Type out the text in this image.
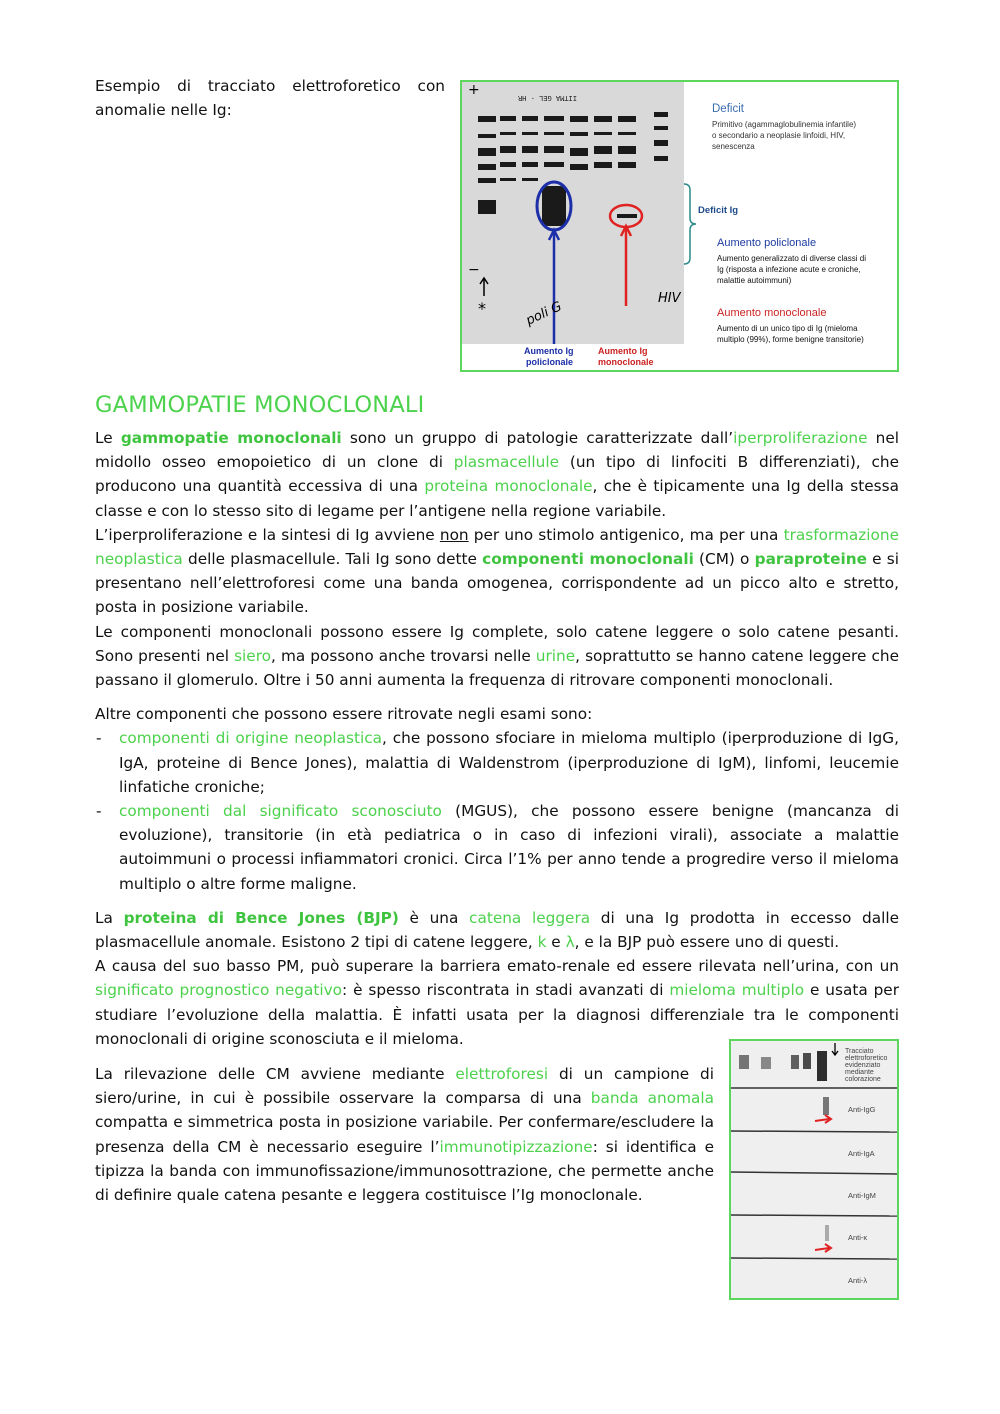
Esempio di tracciato elettroforetico con anomalie nelle Ig:
+	IITMA GEL - HR
−
*	poli G
HIV
Deficit
Primitivo (agammaglobulinemia infantile)
o secondario a neoplasie linfoidi, HIV,
senescenza
Deficit Ig
Aumento policlonale
Aumento generalizzato di diverse classi di
Ig (risposta a infezione acute e croniche,
malattie autoimmuni)
Aumento monoclonale
Aumento di un unico tipo di Ig (mieloma
multiplo (99%), forme benigne transitorie)
Aumento Ig
policlonale
Aumento Ig
monoclonale
GAMMOPATIE MONOCLONALI

Le gammopatie monoclonali sono un gruppo di patologie caratterizzate dall’iperproliferazione nel midollo osseo emopoietico di un clone di plasmacellule (un tipo di linfociti B differenziati), che producono una quantità eccessiva di una proteina monoclonale, che è tipicamente una Ig della stessa classe e con lo stesso sito di legame per l’antigene nella regione variabile.

L’iperproliferazione e la sintesi di Ig avviene non per uno stimolo antigenico, ma per una trasformazione neoplastica delle plasmacellule. Tali Ig sono dette componenti monoclonali (CM) o paraproteine e si presentano nell’elettroforesi come una banda omogenea, corrispondente ad un picco alto e stretto, posta in posizione variabile.

Le componenti monoclonali possono essere Ig complete, solo catene leggere o solo catene pesanti. Sono presenti nel siero, ma possono anche trovarsi nelle urine, soprattutto se hanno catene leggere che passano il glomerulo. Oltre i 50 anni aumenta la frequenza di ritrovare componenti monoclonali.

Altre componenti che possono essere ritrovate negli esami sono:

- componenti di origine neoplastica, che possono sfociare in mieloma multiplo (iperproduzione di IgG, IgA, proteine di Bence Jones), malattia di Waldenstrom (iperproduzione di IgM), linfomi, leucemie linfatiche croniche;
- componenti dal significato sconosciuto (MGUS), che possono essere benigne (mancanza di evoluzione), transitorie (in età pediatrica o in caso di infezioni virali), associate a malattie autoimmuni o processi infiammatori cronici. Circa l’1% per anno tende a progredire verso il mieloma multiplo o altre forme maligne.

La proteina di Bence Jones (BJP) è una catena leggera di una Ig prodotta in eccesso dalle plasmacellule anomale. Esistono 2 tipi di catene leggere, k e λ, e la BJP può essere uno di questi.

A causa del suo basso PM, può superare la barriera emato-renale ed essere rilevata nell’urina, con un significato prognostico negativo: è spesso riscontrata in stadi avanzati di mieloma multiplo e usata per studiare l’evoluzione della malattia. È infatti usata per la diagnosi differenziale tra le componenti monoclonali di origine sconosciuta e il mieloma.

La rilevazione delle CM avviene mediante elettroforesi di un campione di siero/urine, in cui è possibile osservare la comparsa di una banda anomala compatta e simmetrica posta in posizione variabile. Per confermare/escludere la presenza della CM è necessario eseguire l’immunotipizzazione: si identifica e tipizza la banda con immunofissazione/immunosottrazione, che permette anche di definire quale catena pesante e leggera costituisce l’Ig monoclonale.

Tracciato
elettroforetico
evidenziato
mediante
colorazione
Anti-IgG
Anti-IgA
Anti-IgM
Anti-κ
Anti-λ
